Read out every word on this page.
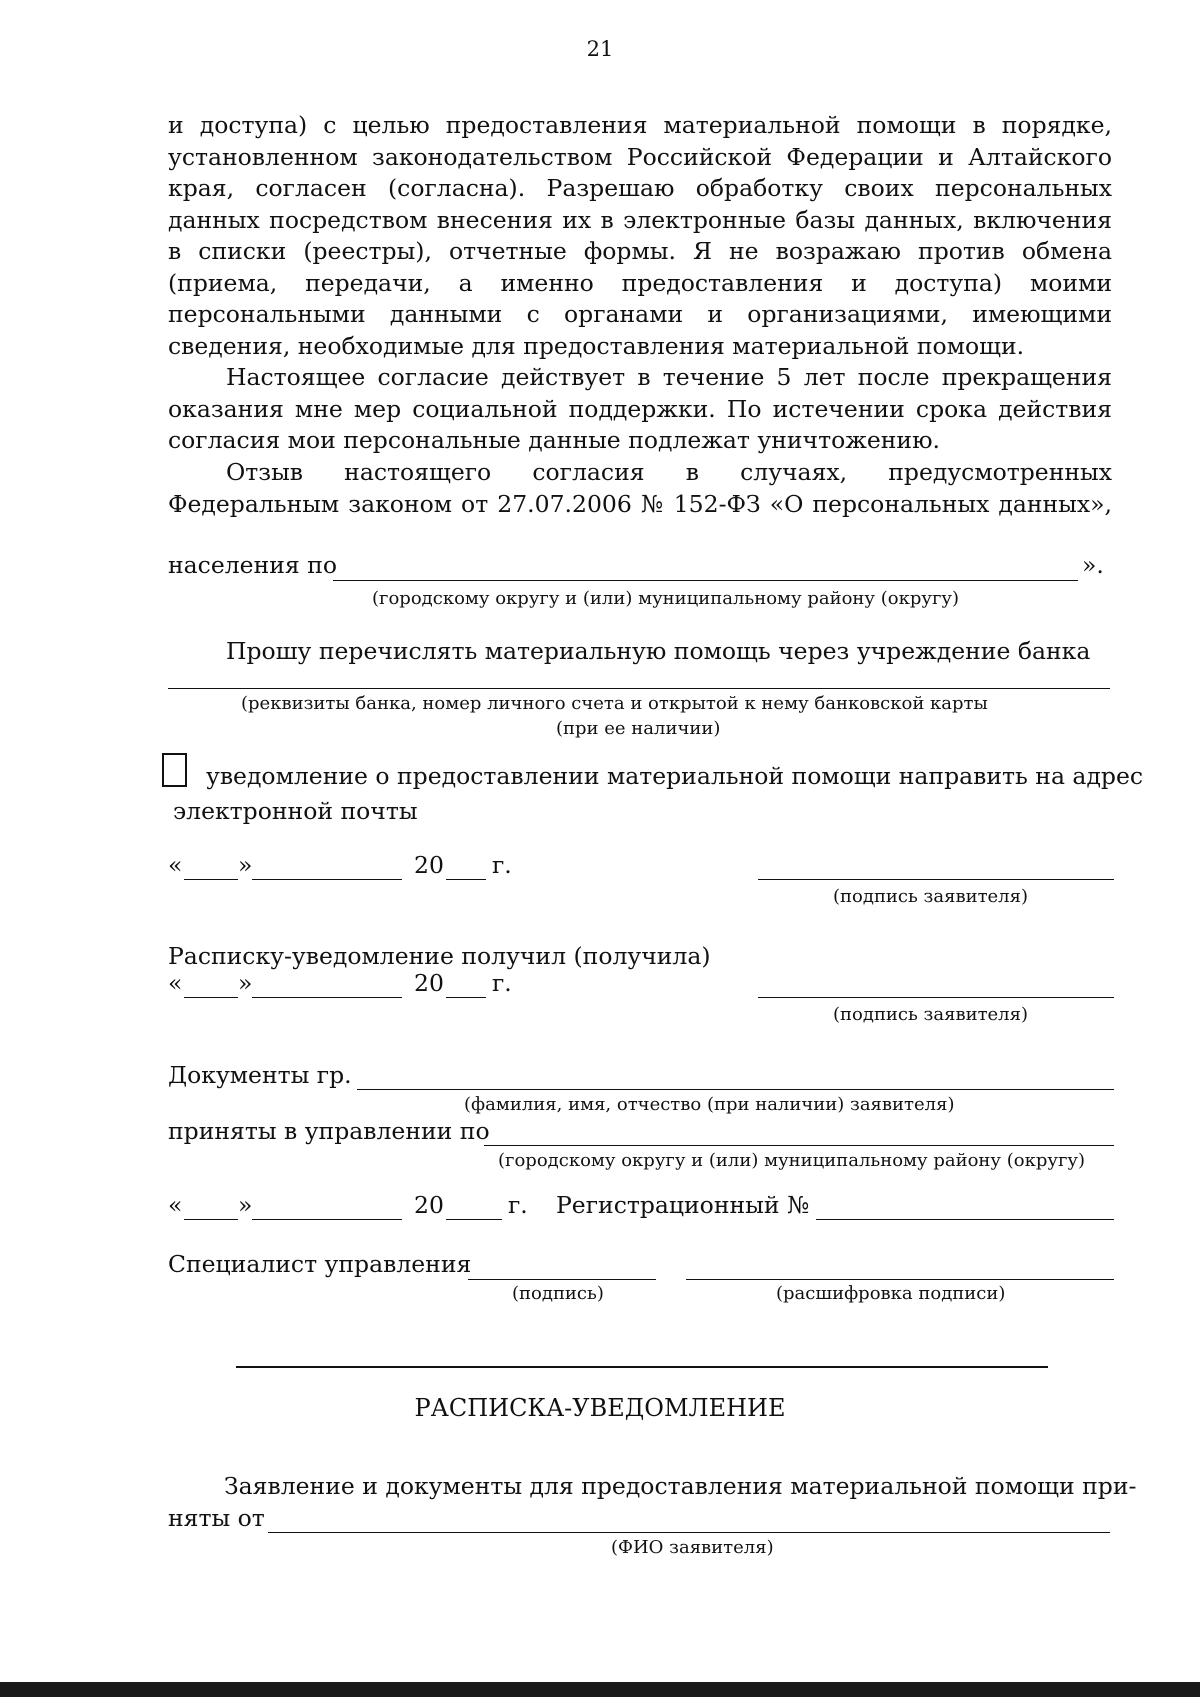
21
и доступа) с целью предоставления материальной помощи в порядке, установленном законодательством Российской Федерации и Алтайского края, согласен (согласна). Разрешаю обработку своих персональных данных посредством внесения их в электронные базы данных, включения в списки (реестры), отчетные формы. Я не возражаю против обмена (приема, передачи, а именно предоставления и доступа) моими персональными данными с органами и организациями, имеющими сведения, необходимые для предоставления материальной помощи.
Настоящее согласие действует в течение 5 лет после прекращения оказания мне мер социальной поддержки. По истечении срока действия согласия мои персональные данные подлежат уничтожению.
Отзыв настоящего согласия в случаях, предусмотренных Федеральным законом от 27.07.2006 № 152-ФЗ «О персональных данных»,
населения по	».
(городскому округу и (или) муниципальному району (округу)
Прошу перечислять материальную помощь через учреждение банка
(реквизиты банка, номер личного счета и открытой к нему банковской карты
(при ее наличии)
уведомление о предоставлении материальной помощи направить на адрес
электронной почты
« »	20 г.
(подпись заявителя)
Расписку-уведомление получил (получила)
« »	20 г.
(подпись заявителя)
Документы гр.
(фамилия, имя, отчество (при наличии) заявителя)
приняты в управлении по
(городскому округу и (или) муниципальному району (округу)
« »	20	г. Регистрационный №
Специалист управления
(подпись)	(расшифровка подписи)
РАСПИСКА-УВЕДОМЛЕНИЕ
Заявление и документы для предоставления материальной помощи при-
няты от
(ФИО заявителя)
